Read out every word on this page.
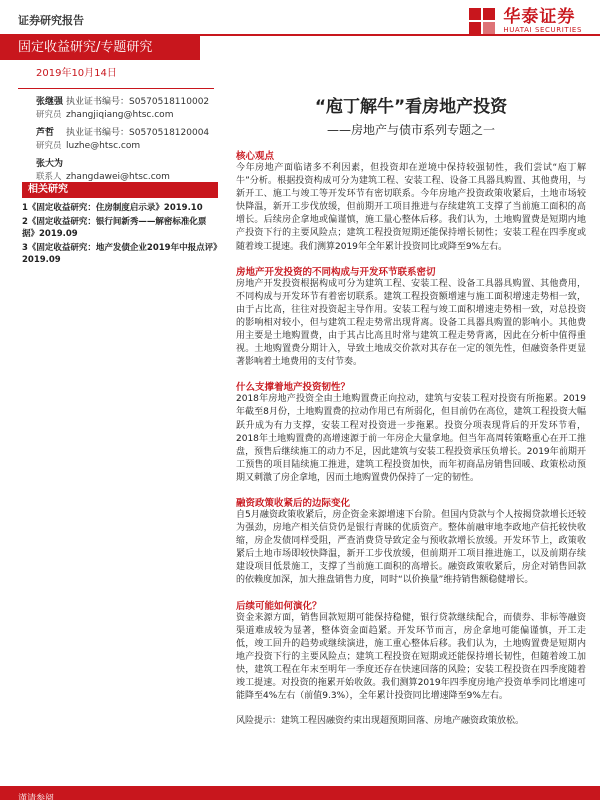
证券研究报告	华泰证券
HUATAI SECURITIES
固定收益研究/专题研究
2019年10月14日
张继强 执业证书编号：S0570518110002
研究员 zhangjiqiang@htsc.com
芦哲	执业证书编号：S0570518120004
研究员 luzhe@htsc.com
张大为
联系人 zhangdawei@htsc.com
相关研究
1《固定收益研究：住房制度启示录》2019.10
2《固定收益研究：银行间新秀——解密标准化票据》2019.09
3《固定收益研究：地产发债企业2019年中报点评》2019.09
“庖丁解牛”看房地产投资
——房地产与债市系列专题之一
核心观点
今年房地产面临诸多不利因素，但投资却在逆境中保持较强韧性，我们尝试“庖丁解牛”分析。根据投资构成可分为建筑工程、安装工程、设备工具器具购置、其他费用，与新开工、施工与竣工等开发环节有密切联系。今年房地产投资政策收紧后，土地市场较快降温，新开工步伐放缓，但前期开工项目推进与存续建筑工支撑了当前施工面积的高增长。后续房企拿地或偏谨慎，施工量心整体后移。我们认为，土地购置费是短期内地产投资下行的主要风险点；建筑工程投资短期还能保持增长韧性；安装工程在四季度或随着竣工提速。我们测算2019年全年累计投资同比或降至9%左右。
房地产开发投资的不同构成与开发环节联系密切
房地产开发投资根据构成可分为建筑工程、安装工程、设备工具器具购置、其他费用，不同构成与开发环节有着密切联系。建筑工程投资额增速与施工面积增速走势相一致，由于占比高，往往对投资起主导作用。安装工程与竣工面积增速走势相一致，对总投资的影响相对较小，但与建筑工程走势常出现背离。设备工具器具购置的影响小。其他费用主要是土地购置费，由于其占比高且时常与建筑工程走势背离，因此在分析中值得重视。土地购置费分期计入，导致土地成交价款对其存在一定的领先性，但融资条件更显著影响着土地费用的支付节奏。
什么支撑着地产投资韧性？
2018年房地产投资全由土地购置费正向拉动，建筑与安装工程对投资有所拖累。2019年截至8月份，土地购置费的拉动作用已有所弱化，但目前仍在高位，建筑工程投资大幅跃升成为有力支撑，安装工程对投资进一步拖累。投资分项表现背后的开发环节看，2018年土地购置费的高增速源于前一年房企大量拿地。但当年高周转策略重心在开工推盘，预售后继续施工的动力不足，因此建筑与安装工程投资承压负增长。2019年前期开工预售的项目陆续施工推进，建筑工程投资加快，而年初商品房销售回暖、政策松动预期又刺激了房企拿地，因而土地购置费仍保持了一定的韧性。
融资政策收紧后的边际变化
自5月融资政策收紧后，房企资金来源增速下台阶。但国内贷款与个人按揭贷款增长还较为强劲，房地产相关信贷仍是银行青睐的优质资产。整体前融审地李政地产信托较快收缩，房企发债同样受阻，严查消费贷导致定金与预收款增长放缓。开发环节上，政策收紧后土地市场即较快降温，新开工步伐放缓，但前期开工项目推进施工，以及前期存续建设项目低景施工，支撑了当前施工面积的高增长。融资政策收紧后，房企对销售回款的依赖度加深，加大推盘销售力度，同时“以价换量”维持销售额稳健增长。
后续可能如何演化？
资金来源方面，销售回款短期可能保持稳健，银行贷款继续配合，而债券、非标等融资渠道难成较为显著，整体资金面趋紧。开发环节而言，房企拿地可能偏谨慎，开工走低，竣工回升的趋势或继续演进，施工重心整体后移。我们认为，土地购置费是短期内地产投资下行的主要风险点；建筑工程投资在短期或还能保持增长韧性，但随着竣工加快，建筑工程在年末至明年一季度还存在快速回落的风险；安装工程投资在四季度随着竣工提速。对投资的拖累开始收敛。我们测算2019年四季度房地产投资单季同比增速可能降至4%左右（前值9.3%），全年累计投资同比增速降至9%左右。
风险提示：建筑工程因融资约束出现超预期回落、房地产融资政策放松。
谨请参阅
